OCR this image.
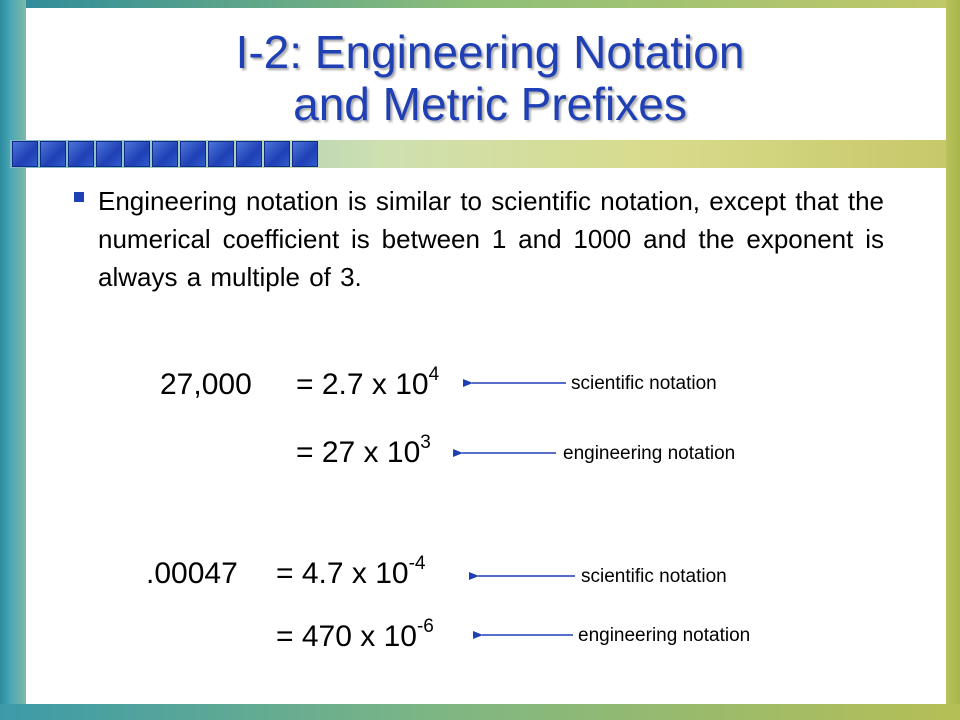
I-2: Engineering Notation
and Metric Prefixes
Engineering notation is similar to scientific notation, except that the numerical coefficient is between 1 and 1000 and the exponent is always a multiple of 3.
27,000 = 2.7 x $10^4$	scientific notation
= 27 x $10^3$
engineering notation
.00047 = 4.7 x $10^{-4}$
scientific notation
= 470 x $10^{-6}$	engineering notation
